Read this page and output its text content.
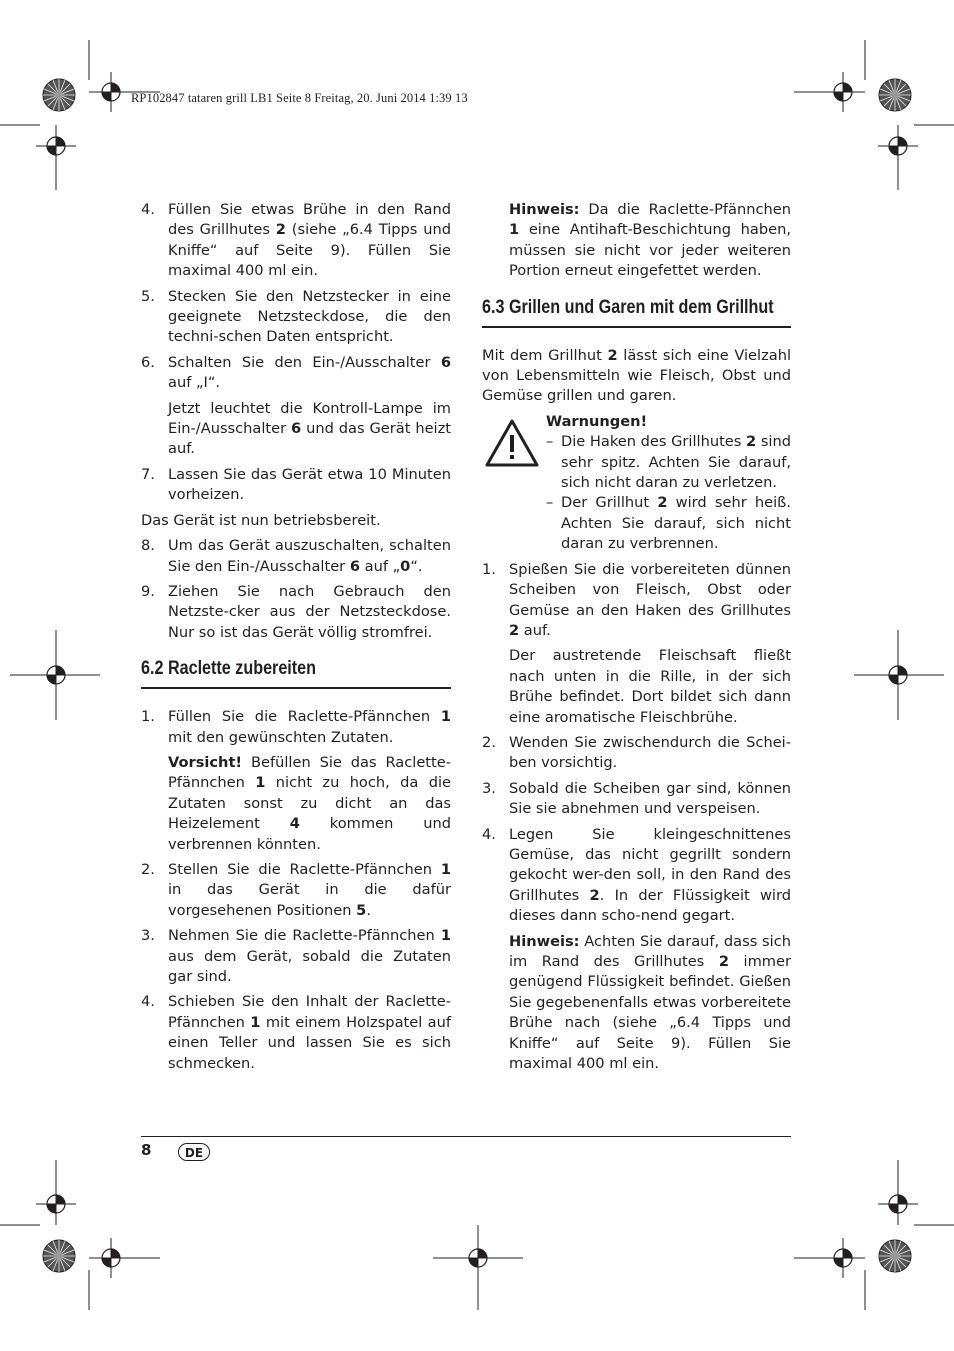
RP102847 tataren grill LB1 Seite 8 Freitag, 20. Juni 2014 1:39 13
4. Füllen Sie etwas Brühe in den Rand des Grillhutes 2 (siehe „6.4 Tipps und Kniffe“ auf Seite 9). Füllen Sie maximal 400 ml ein.
5. Stecken Sie den Netzstecker in eine geeignete Netzsteckdose, die den techni-schen Daten entspricht.
6. Schalten Sie den Ein-/Ausschalter 6 auf „I“.
Jetzt leuchtet die Kontroll-Lampe im Ein-/Ausschalter 6 und das Gerät heizt auf.
7. Lassen Sie das Gerät etwa 10 Minuten vorheizen.
Das Gerät ist nun betriebsbereit.
8. Um das Gerät auszuschalten, schalten Sie den Ein-/Ausschalter 6 auf „0“.
9. Ziehen Sie nach Gebrauch den Netzste-cker aus der Netzsteckdose. Nur so ist das Gerät völlig stromfrei.
6.2 Raclette zubereiten
1. Füllen Sie die Raclette-Pfännchen 1 mit den gewünschten Zutaten.
Vorsicht! Befüllen Sie das Raclette-Pfännchen 1 nicht zu hoch, da die Zutaten sonst zu dicht an das Heizelement 4 kommen und verbrennen könnten.
2. Stellen Sie die Raclette-Pfännchen 1 in das Gerät in die dafür vorgesehenen Positionen 5.
3. Nehmen Sie die Raclette-Pfännchen 1 aus dem Gerät, sobald die Zutaten gar sind.
4. Schieben Sie den Inhalt der Raclette-Pfännchen 1 mit einem Holzspatel auf einen Teller und lassen Sie es sich schmecken.
Hinweis: Da die Raclette-Pfännchen 1 eine Antihaft-Beschichtung haben, müssen sie nicht vor jeder weiteren Portion erneut eingefettet werden.
6.3 Grillen und Garen mit dem Grillhut
Mit dem Grillhut 2 lässt sich eine Vielzahl von Lebensmitteln wie Fleisch, Obst und Gemüse grillen und garen.
Warnungen!
– Die Haken des Grillhutes 2 sind sehr spitz. Achten Sie darauf, sich nicht daran zu verletzen.
– Der Grillhut 2 wird sehr heiß. Achten Sie darauf, sich nicht daran zu verbrennen.
1. Spießen Sie die vorbereiteten dünnen Scheiben von Fleisch, Obst oder Gemüse an den Haken des Grillhutes 2 auf.
Der austretende Fleischsaft fließt nach unten in die Rille, in der sich Brühe befindet. Dort bildet sich dann eine aromatische Fleischbrühe.
2. Wenden Sie zwischendurch die Schei-ben vorsichtig.
3. Sobald die Scheiben gar sind, können Sie sie abnehmen und verspeisen.
4. Legen Sie kleingeschnittenes Gemüse, das nicht gegrillt sondern gekocht wer-den soll, in den Rand des Grillhutes 2. In der Flüssigkeit wird dieses dann scho-nend gegart.
Hinweis: Achten Sie darauf, dass sich im Rand des Grillhutes 2 immer genügend Flüssigkeit befindet. Gießen Sie gegebenenfalls etwas vorbereitete Brühe nach (siehe „6.4 Tipps und Kniffe“ auf Seite 9). Füllen Sie maximal 400 ml ein.
8	DE
